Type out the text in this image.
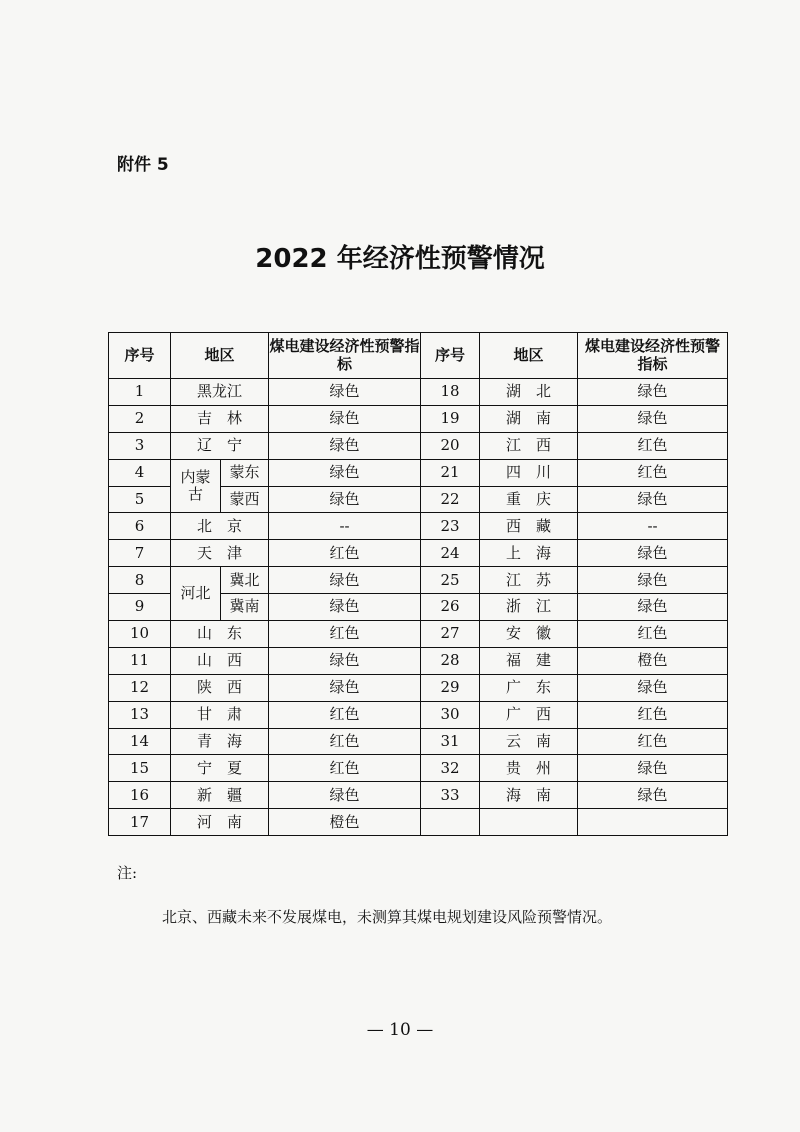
附件 5
2022 年经济性预警情况
序号	地区		煤电建设经济性预警指标	序号	地区	煤电建设经济性预警指标
1	黑龙江		绿色	18	湖　北	绿色
2	吉　林		绿色	19	湖　南	绿色
3	辽　宁		绿色	20	江　西	红色
4	内蒙古	蒙东	绿色	21	四　川	红色
5		蒙西	绿色	22	重　庆	绿色
6	北　京		--	23	西　藏	--
7	天　津		红色	24	上　海	绿色
8	河北	冀北	绿色	25	江　苏	绿色
9		冀南	绿色	26	浙　江	绿色
10	山　东		红色	27	安　徽	红色
11	山　西		绿色	28	福　建	橙色
12	陕　西		绿色	29	广　东	绿色
13	甘　肃		红色	30	广　西	红色
14	青　海		红色	31	云　南	红色
15	宁　夏		红色	32	贵　州	绿色
16	新　疆		绿色	33	海　南	绿色
17	河　南		橙色			
注:
北京、西藏未来不发展煤电，未测算其煤电规划建设风险预警情况。
— 10 —
